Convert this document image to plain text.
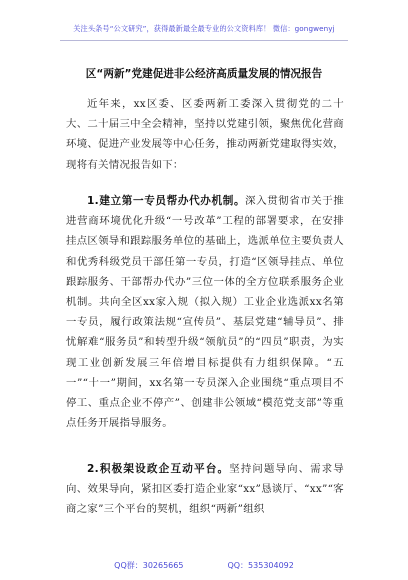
关注头条号“公文研究”，获得最新最全最专业的公文资料库！ 微信：gongwenyj
区“两新”党建促进非公经济高质量发展的情况报告
近年来，xx区委、区委两新工委深入贯彻党的二十大、二十届三中全会精神，坚持以党建引领，聚焦优化营商环境、促进产业发展等中心任务，推动两新党建取得实效，现将有关情况报告如下：
1.建立第一专员帮办代办机制。深入贯彻省市关于推进营商环境优化升级“一号改革”工程的部署要求，在安排挂点区领导和跟踪服务单位的基础上，选派单位主要负责人和优秀科级党员干部任第一专员，打造“区领导挂点、单位跟踪服务、干部帮办代办”三位一体的全方位联系服务企业机制。共向全区xx家入规（拟入规）工业企业选派xx名第一专员，履行政策法规“宣传员”、基层党建“辅导员”、排忧解难“服务员”和转型升级“领航员”的“四员”职责，为实现工业创新发展三年倍增目标提供有力组织保障。“五一”“十一”期间，xx名第一专员深入企业围绕“重点项目不停工、重点企业不停产”、创建非公领域“模范党支部”等重点任务开展指导服务。
2.积极架设政企互动平台。坚持问题导向、需求导向、效果导向，紧扣区委打造企业家“xx”恳谈厅、“xx”“客商之家”三个平台的契机，组织“两新”组织
QQ群：30265665	QQ：535304092
